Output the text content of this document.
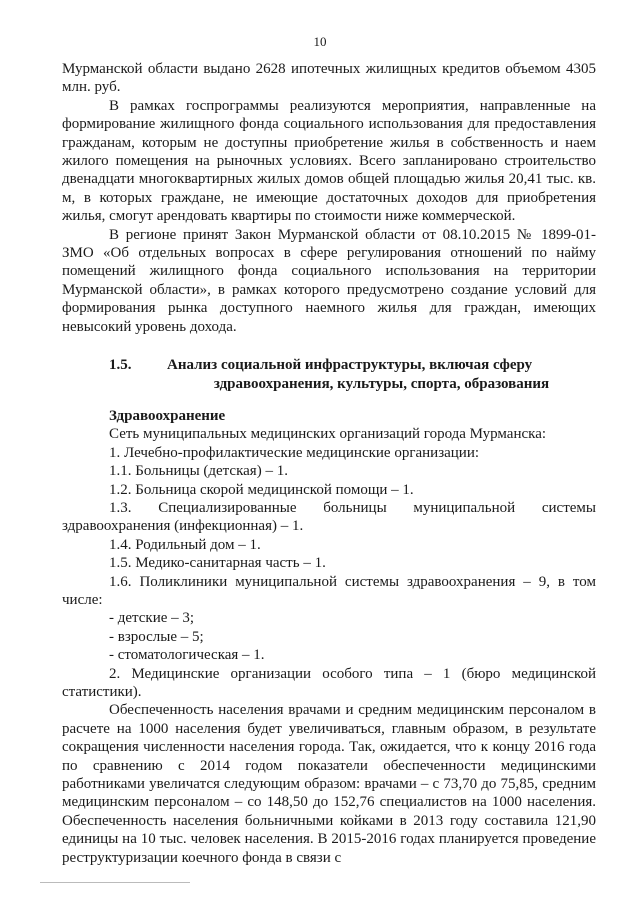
10

Мурманской области выдано 2628 ипотечных жилищных кредитов объемом 4305 млн. руб.

В рамках госпрограммы реализуются мероприятия, направленные на формирование жилищного фонда социального использования для предоставления гражданам, которым не доступны приобретение жилья в собственность и наем жилого помещения на рыночных условиях. Всего запланировано строительство двенадцати многоквартирных жилых домов общей площадью жилья 20,41 тыс. кв. м, в которых граждане, не имеющие достаточных доходов для приобретения жилья, смогут арендовать квартиры по стоимости ниже коммерческой.

В регионе принят Закон Мурманской области от 08.10.2015 № 1899-01-ЗМО «Об отдельных вопросах в сфере регулирования отношений по найму помещений жилищного фонда социального использования на территории Мурманской области», в рамках которого предусмотрено создание условий для формирования рынка доступного наемного жилья для граждан, имеющих невысокий уровень дохода.

1.5. Анализ социальной инфраструктуры, включая сферу
здравоохранения, культуры, спорта, образования

Здравоохранение

Сеть муниципальных медицинских организаций города Мурманска:

1. Лечебно-профилактические медицинские организации:

1.1. Больницы (детская) – 1.

1.2. Больница скорой медицинской помощи – 1.

1.3. Специализированные больницы муниципальной системы здравоохранения (инфекционная) – 1.

1.4. Родильный дом – 1.

1.5. Медико-санитарная часть – 1.

1.6. Поликлиники муниципальной системы здравоохранения – 9, в том числе:

- детские – 3;

- взрослые – 5;

- стоматологическая – 1.

2. Медицинские организации особого типа – 1 (бюро медицинской статистики).

Обеспеченность населения врачами и средним медицинским персоналом в расчете на 1000 населения будет увеличиваться, главным образом, в результате сокращения численности населения города. Так, ожидается, что к концу 2016 года по сравнению с 2014 годом показатели обеспеченности медицинскими работниками увеличатся следующим образом: врачами – с 73,70 до 75,85, средним медицинским персоналом – со 148,50 до 152,76 специалистов на 1000 населения. Обеспеченность населения больничными койками в 2013 году составила 121,90 единицы на 10 тыс. человек населения. В 2015-2016 годах планируется проведение реструктуризации коечного фонда в связи с
